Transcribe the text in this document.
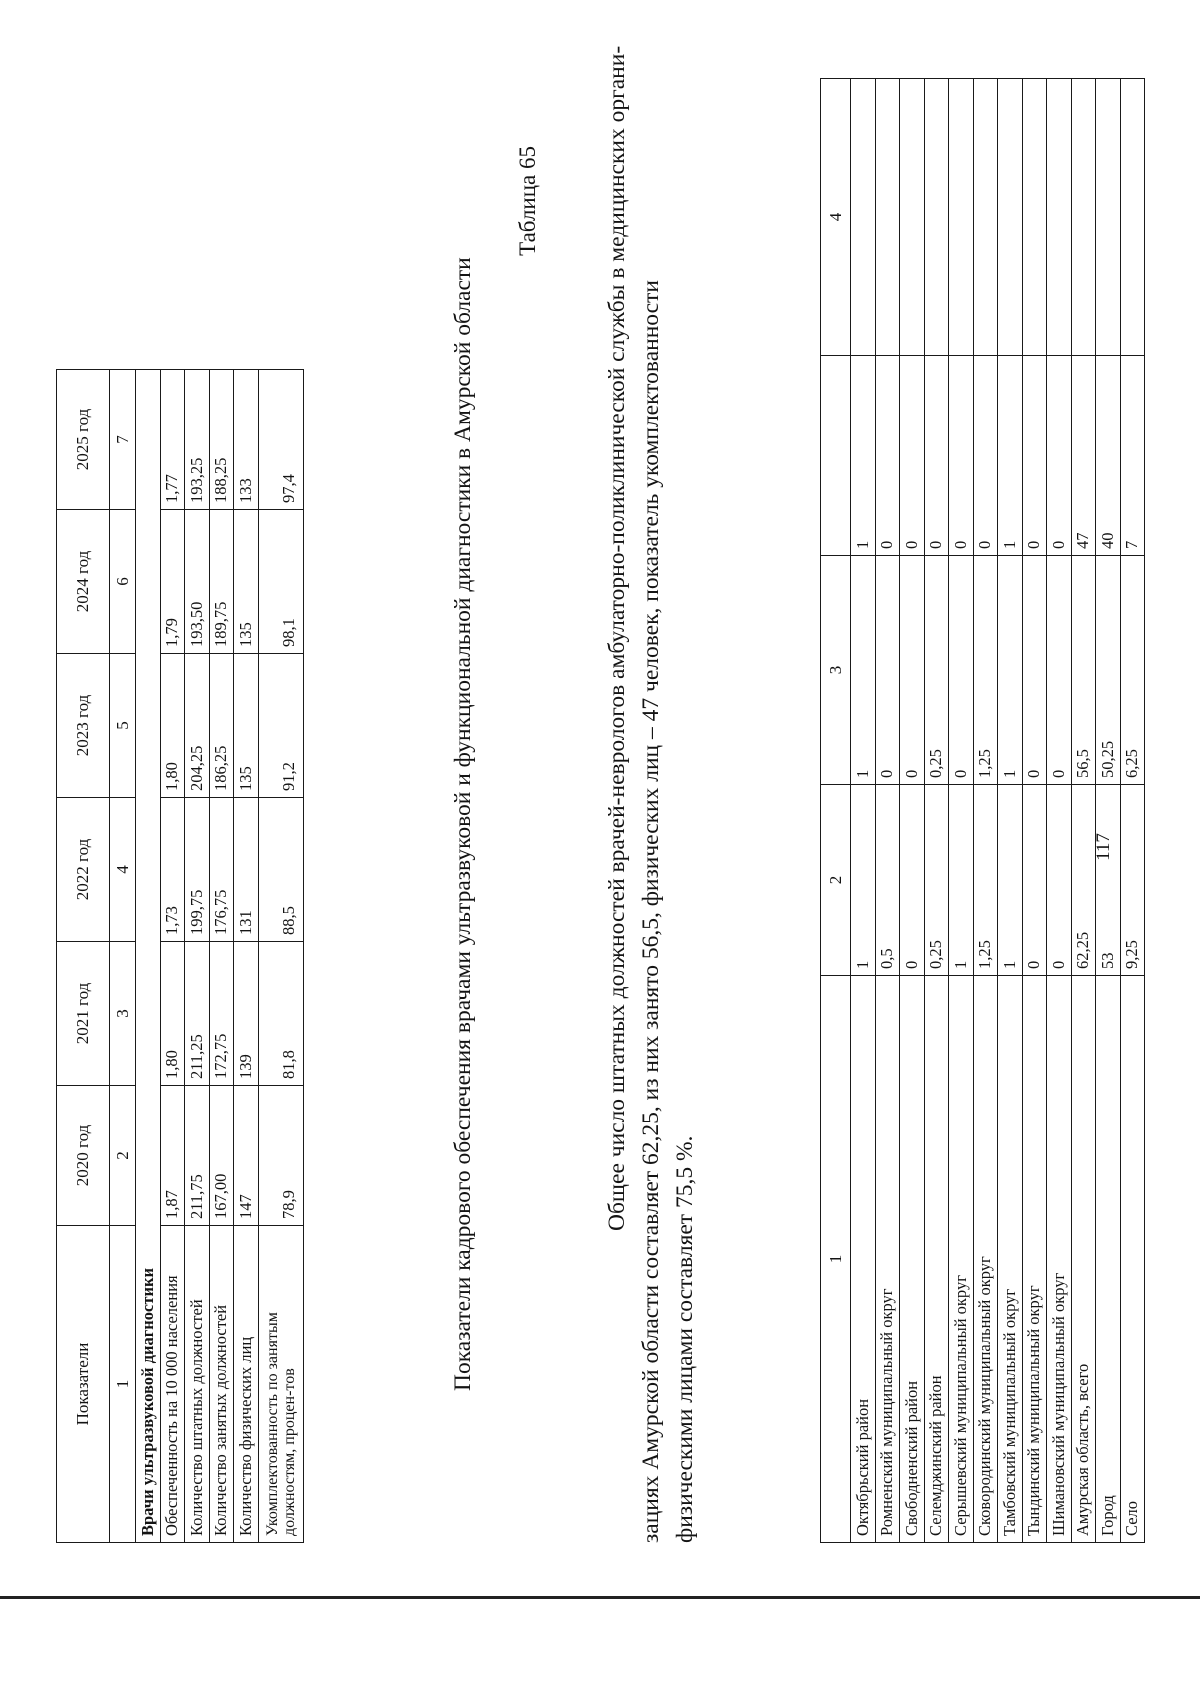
117
1	2	3		4
Октябрьский район	1	1	1	
Ромненский муниципальный округ	0,5	0	0	
Свободненский район	0	0	0	
Селемджинский район	0,25	0,25	0	
Серышевский муниципальный округ	1	0	0	
Сковородинский муниципальный округ	1,25	1,25	0	
Тамбовский муниципальный округ	1	1	1	
Тындинский муниципальный округ	0	0	0	
Шимановский муниципальный округ	0	0	0	
Амурская область, всего	62,25	56,5	47	
Город	53	50,25	40	
Село	9,25	6,25	7	
Общее число штатных должностей врачей-неврологов амбулаторно-поликлинической службы в медицинских органи- зациях Амурской области составляет 62,25, из них занято 56,5, физических лиц – 47 человек, показатель укомплектованности физическими лицами составляет 75,5 %.
Таблица 65
Показатели кадрового обеспечения врачами ультразвуковой и функциональной диагностики в Амурской области
Показатели	2020 год	2021 год	2022 год	2023 год	2024 год	2025 год
1	2	3	4	5	6	7
Врачи ультразвуковой диагностики						
Обеспеченность на 10 000 населения	1,87	1,80	1,73	1,80	1,79	1,77
Количество штатных должностей	211,75	211,25	199,75	204,25	193,50	193,25
Количество занятых должностей	167,00	172,75	176,75	186,25	189,75	188,25
Количество физических лиц	147	139	131	135	135	133
Укомплектованность по занятым должностям, процен-тов	78,9	81,8	88,5	91,2	98,1	97,4
